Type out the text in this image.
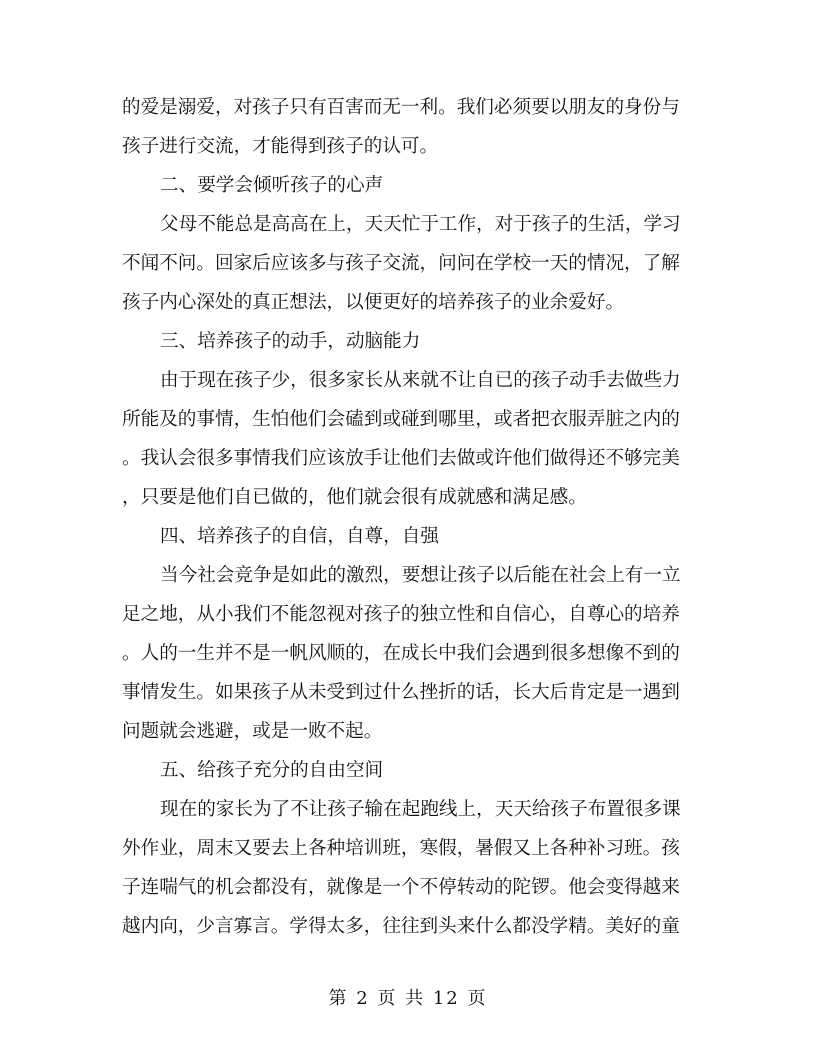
的爱是溺爱，对孩子只有百害而无一利。我们必须要以朋友的身份与
孩子进行交流，才能得到孩子的认可。
二、要学会倾听孩子的心声
父母不能总是高高在上，天天忙于工作，对于孩子的生活，学习
不闻不问。回家后应该多与孩子交流，问问在学校一天的情况，了解
孩子内心深处的真正想法，以便更好的培养孩子的业余爱好。
三、培养孩子的动手，动脑能力
由于现在孩子少，很多家长从来就不让自已的孩子动手去做些力
所能及的事情，生怕他们会磕到或碰到哪里，或者把衣服弄脏之内的
。我认会很多事情我们应该放手让他们去做或许他们做得还不够完美
，只要是他们自已做的，他们就会很有成就感和满足感。
四、培养孩子的自信，自尊，自强
当今社会竞争是如此的激烈，要想让孩子以后能在社会上有一立
足之地，从小我们不能忽视对孩子的独立性和自信心，自尊心的培养
。人的一生并不是一帆风顺的，在成长中我们会遇到很多想像不到的
事情发生。如果孩子从未受到过什么挫折的话，长大后肯定是一遇到
问题就会逃避，或是一败不起。
五、给孩子充分的自由空间
现在的家长为了不让孩子输在起跑线上，天天给孩子布置很多课
外作业，周末又要去上各种培训班，寒假，暑假又上各种补习班。孩
子连喘气的机会都没有，就像是一个不停转动的陀锣。他会变得越来
越内向，少言寡言。学得太多，往往到头来什么都没学精。美好的童
第 2 页 共 12 页
